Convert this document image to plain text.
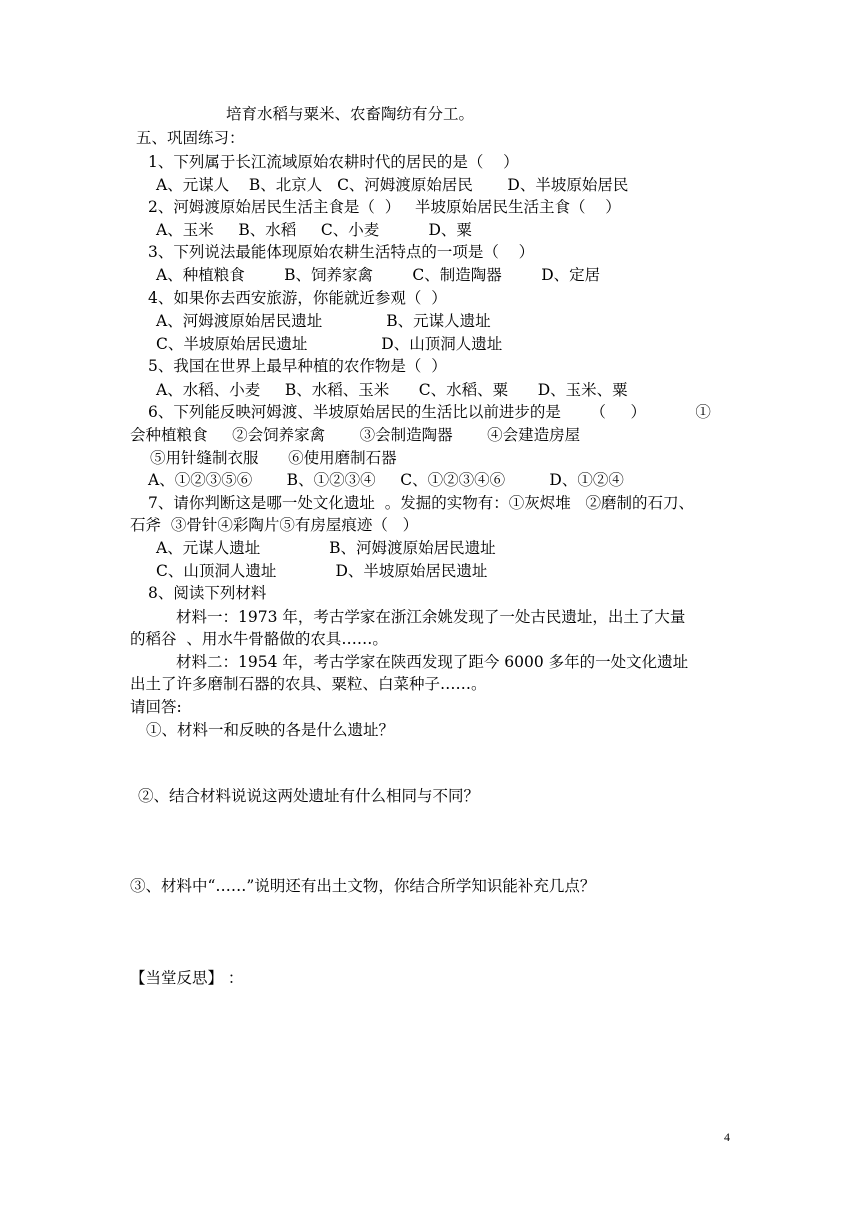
培育水稻与粟米、农畜陶纺有分工。
五、巩固练习：
1、下列属于长江流域原始农耕时代的居民的是（    ）
A、元谋人    B、北京人   C、河姆渡原始居民       D、半坡原始居民
2、河姆渡原始居民生活主食是（  ）   半坡原始居民生活主食（    ）
A、玉米     B、水稻     C、小麦          D、粟
3、下列说法最能体现原始农耕生活特点的一项是（    ）
A、种植粮食        B、饲养家禽        C、制造陶器        D、定居
4、如果你去西安旅游，你能就近参观（  ）
A、河姆渡原始居民遗址             B、元谋人遗址
C、半坡原始居民遗址               D、山顶洞人遗址
5、我国在世界上最早种植的农作物是（  ）
A、水稻、小麦     B、水稻、玉米      C、水稻、粟      D、玉米、粟
6、下列能反映河姆渡、半坡原始居民的生活比以前进步的是      （     ）          ①
会种植粮食     ②会饲养家禽       ③会制造陶器       ④会建造房屋
⑤用针缝制衣服      ⑥使用磨制石器
A、①②③⑤⑥       B、①②③④     C、①②③④⑥         D、①②④
7、请你判断这是哪一处文化遗址  。发掘的实物有：①灰烬堆   ②磨制的石刀、
石斧  ③骨针④彩陶片⑤有房屋痕迹（   ）
A、元谋人遗址              B、河姆渡原始居民遗址
C、山顶洞人遗址            D、半坡原始居民遗址
8、阅读下列材料
材料一：1973 年，考古学家在浙江余姚发现了一处古民遗址，出土了大量
的稻谷  、用水牛骨骼做的农具……。
材料二：1954 年，考古学家在陕西发现了距今 6000 多年的一处文化遗址
出土了许多磨制石器的农具、粟粒、白菜种子……。
请回答:
①、材料一和反映的各是什么遗址？
②、结合材料说说这两处遗址有什么相同与不同？
③、材料中“……”说明还有出土文物，你结合所学知识能补充几点？
【当堂反思】 ：
4
